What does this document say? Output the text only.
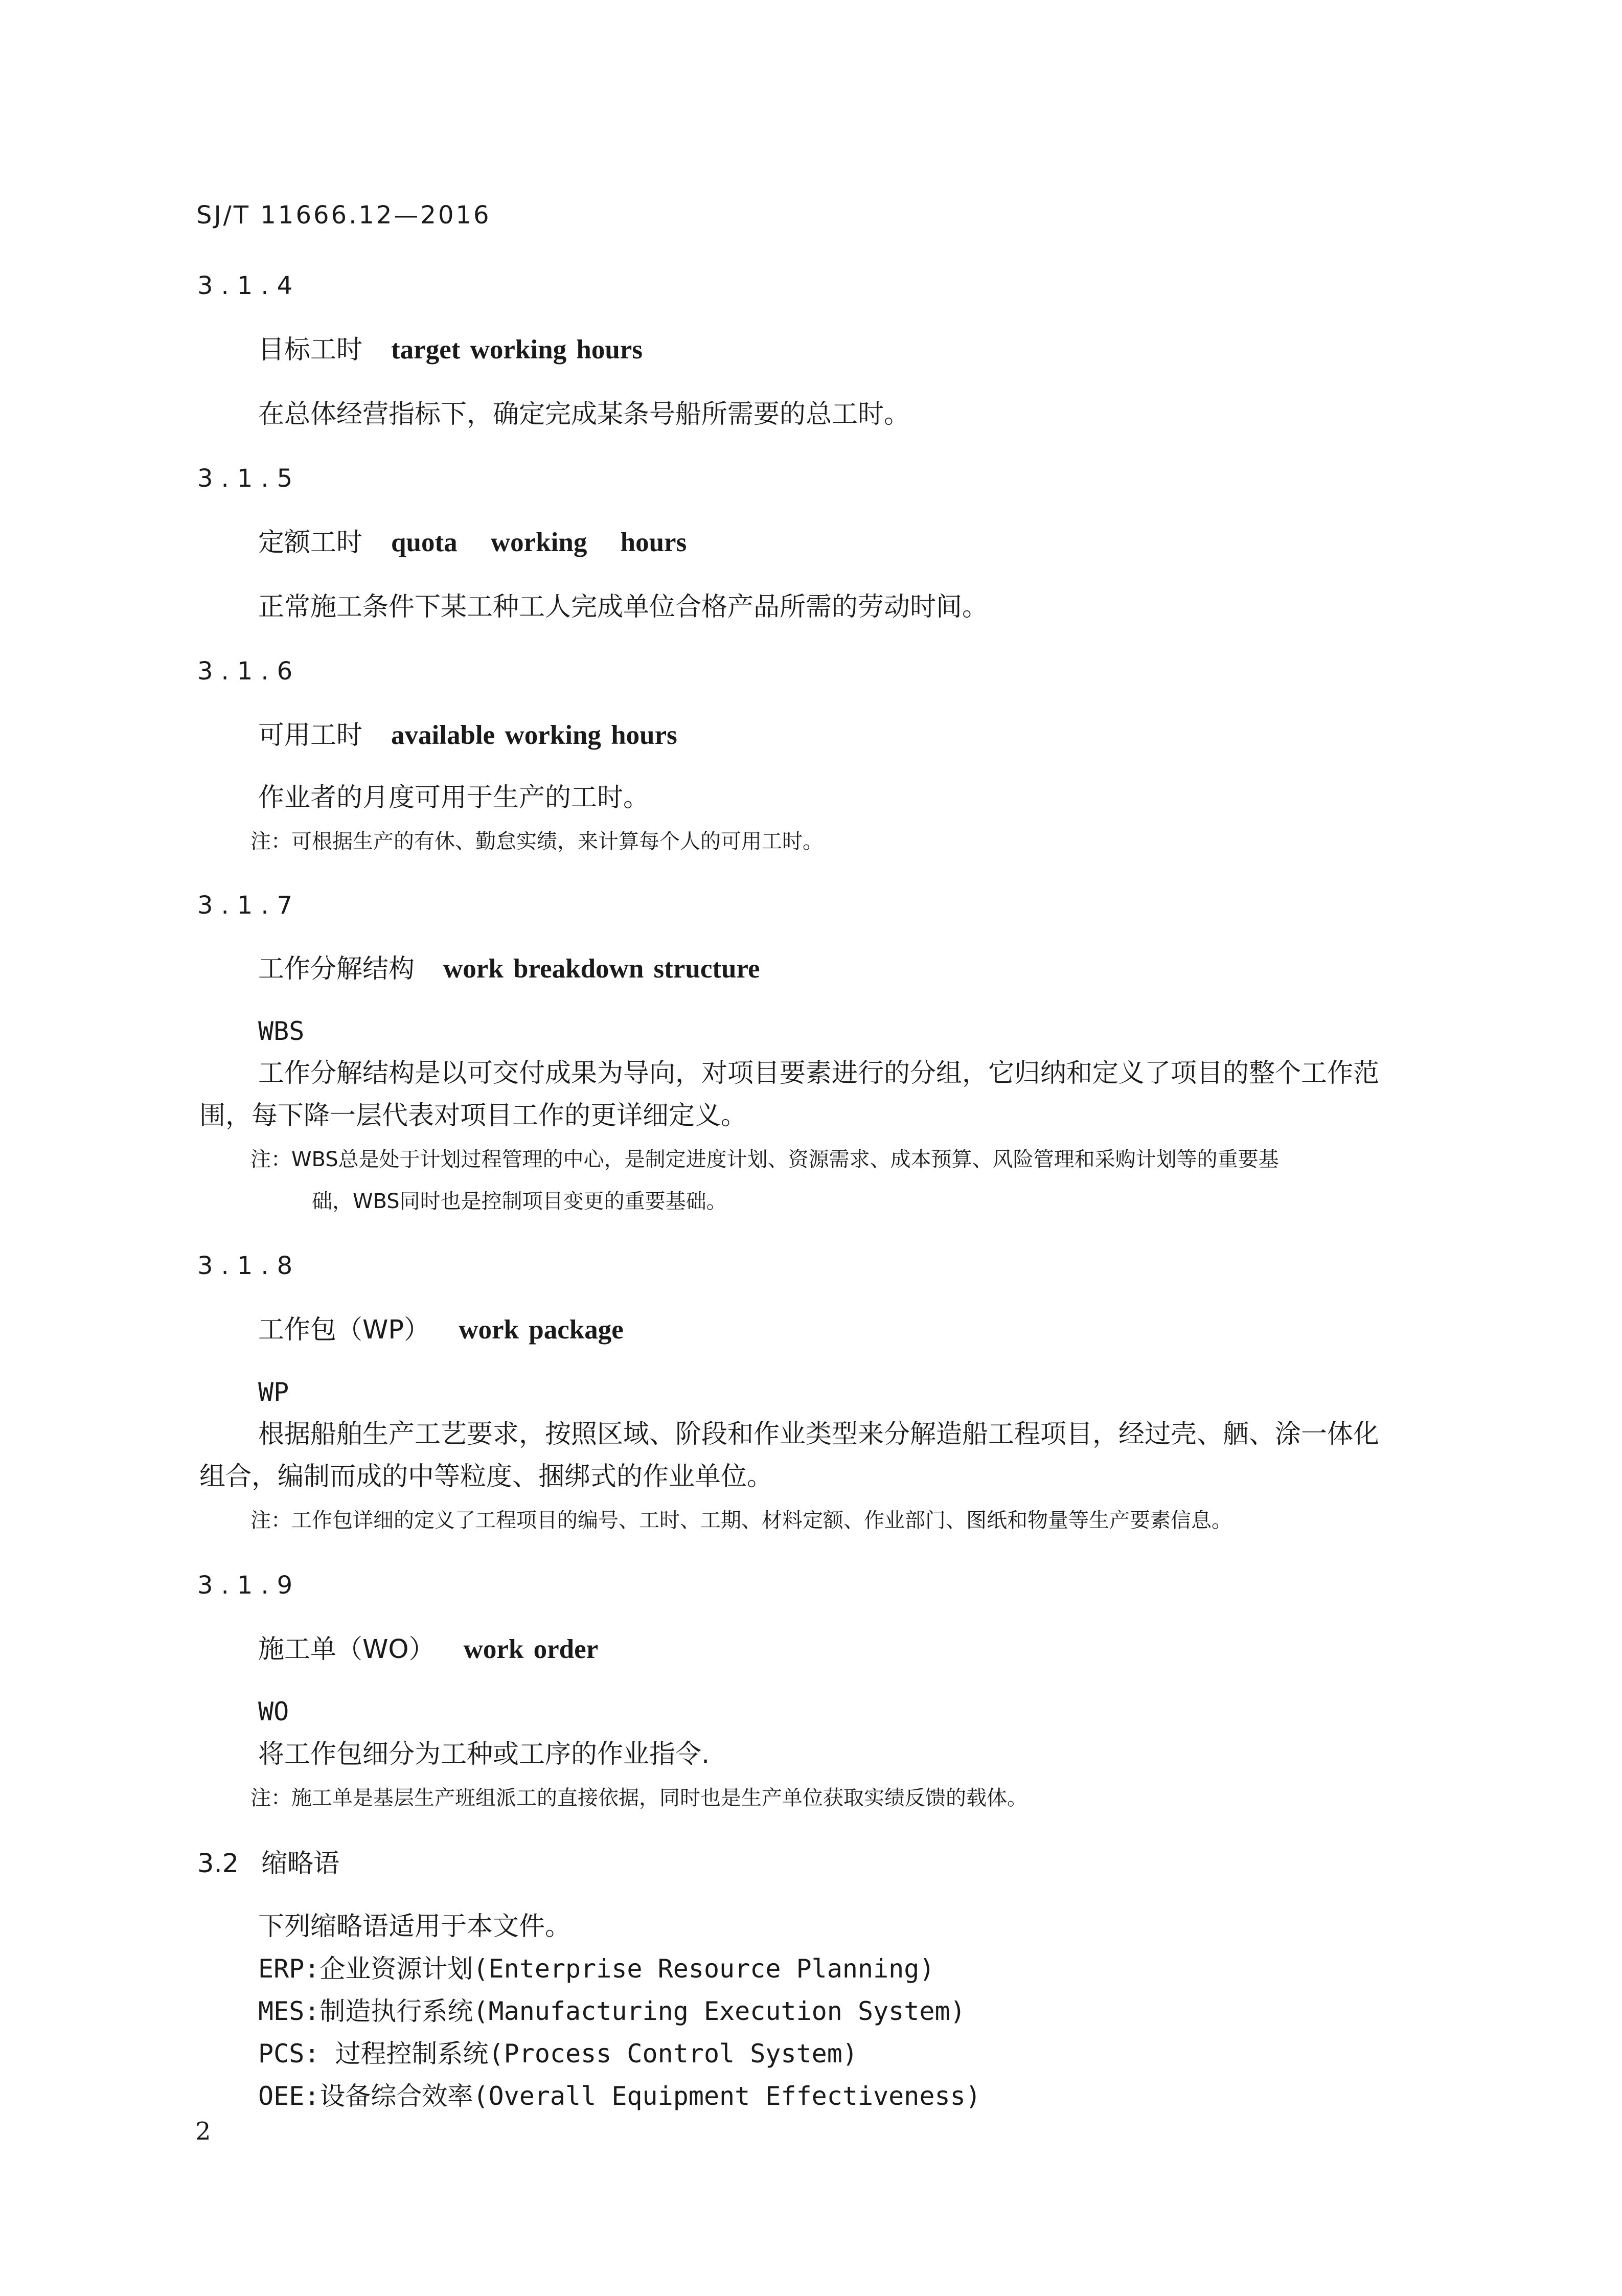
SJ/T 11666.12—2016
3.1.4
目标工时 target working hours
在总体经营指标下，确定完成某条号船所需要的总工时。
3.1.5
定额工时 quota working hours
正常施工条件下某工种工人完成单位合格产品所需的劳动时间。
3.1.6
可用工时 available working hours
作业者的月度可用于生产的工时。
注：可根据生产的有休、勤怠实绩，来计算每个人的可用工时。
3.1.7
工作分解结构 work breakdown structure
WBS
工作分解结构是以可交付成果为导向，对项目要素进行的分组，它归纳和定义了项目的整个工作范
围，每下降一层代表对项目工作的更详细定义。
注：WBS总是处于计划过程管理的中心，是制定进度计划、资源需求、成本预算、风险管理和采购计划等的重要基
础，WBS同时也是控制项目变更的重要基础。
3.1.8
工作包（WP） work package
WP
根据船舶生产工艺要求，按照区域、阶段和作业类型来分解造船工程项目，经过壳、舾、涂一体化
组合，编制而成的中等粒度、捆绑式的作业单位。
注：工作包详细的定义了工程项目的编号、工时、工期、材料定额、作业部门、图纸和物量等生产要素信息。
3.1.9
施工单（WO） work order
WO
将工作包细分为工种或工序的作业指令.
注：施工单是基层生产班组派工的直接依据，同时也是生产单位获取实绩反馈的载体。
3.2 缩略语
下列缩略语适用于本文件。
ERP:企业资源计划(Enterprise Resource Planning)
MES:制造执行系统(Manufacturing Execution System)
PCS: 过程控制系统(Process Control System)
OEE:设备综合效率(Overall Equipment Effectiveness)
2
